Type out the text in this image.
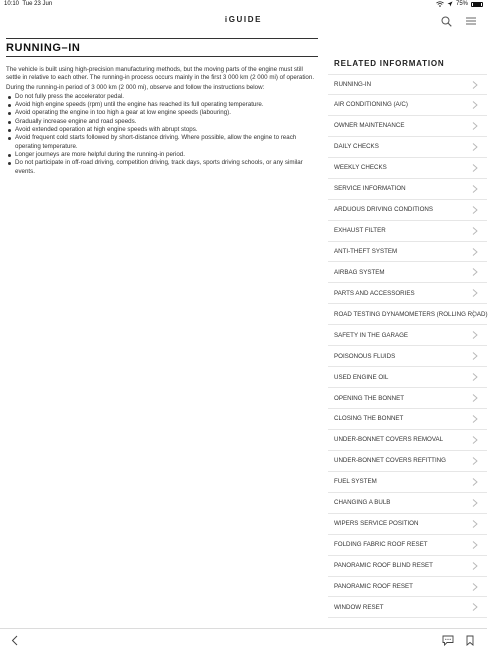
10:10 Tue 23 Jun	75%
iGUIDE
RUNNING–IN

The vehicle is built using high-precision manufacturing methods, but the moving parts of the engine must still settle in relative to each other. The running-in process occurs mainly in the first 3 000 km (2 000 mi) of operation.

During the running-in period of 3 000 km (2 000 mi), observe and follow the instructions below:

Do not fully press the accelerator pedal.
Avoid high engine speeds (rpm) until the engine has reached its full operating temperature.
Avoid operating the engine in too high a gear at low engine speeds (labouring).
Gradually increase engine and road speeds.
Avoid extended operation at high engine speeds with abrupt stops.
Avoid frequent cold starts followed by short-distance driving. Where possible, allow the engine to reach operating temperature.
Longer journeys are more helpful during the running-in period.
Do not participate in off-road driving, competition driving, track days, sports driving schools, or any similar events.
RELATED INFORMATION
RUNNING-IN
AIR CONDITIONING (A/C)
OWNER MAINTENANCE
DAILY CHECKS
WEEKLY CHECKS
SERVICE INFORMATION
ARDUOUS DRIVING CONDITIONS
EXHAUST FILTER
ANTI-THEFT SYSTEM
AIRBAG SYSTEM
PARTS AND ACCESSORIES
ROAD TESTING DYNAMOMETERS (ROLLING ROAD)
SAFETY IN THE GARAGE
POISONOUS FLUIDS
USED ENGINE OIL
OPENING THE BONNET
CLOSING THE BONNET
UNDER-BONNET COVERS REMOVAL
UNDER-BONNET COVERS REFITTING
FUEL SYSTEM
CHANGING A BULB
WIPERS SERVICE POSITION
FOLDING FABRIC ROOF RESET
PANORAMIC ROOF BLIND RESET
PANORAMIC ROOF RESET
WINDOW RESET
